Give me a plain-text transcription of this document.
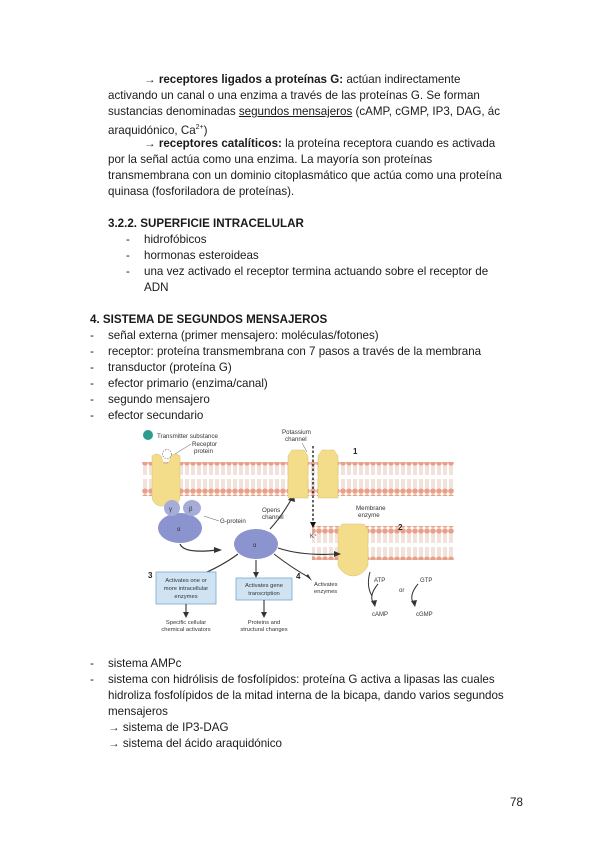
→ receptores ligados a proteínas G: actúan indirectamente
activando un canal o una enzima a través de las proteínas G. Se forman
sustancias denominadas segundos mensajeros (cAMP, cGMP, IP3, DAG, ác
araquidónico, $Ca^{2+}$)
→ receptores catalíticos: la proteína receptora cuando es activada
por la señal actúa como una enzima. La mayoría son proteínas
transmembrana con un dominio citoplasmático que actúa como una proteína
quinasa (fosforiladora de proteínas).
3.2.2. SUPERFICIE INTRACELULAR
- hidrofóbicos
- hormonas esteroideas
- una vez activado el receptor termina actuando sobre el receptor de
ADN
4. SISTEMA DE SEGUNDOS MENSAJEROS
- señal externa (primer mensajero: moléculas/fotones)
- receptor: proteína transmembrana con 7 pasos a través de la membrana
- transductor (proteína G)
- efector primario (enzima/canal)
- segundo mensajero
- efector secundario
Transmitter substance
Receptor
protein
γ	β
α
G-protein
α
Opens
channel
K⁺
Potassium
channel
1
Membrane
enzyme
2
3
Activates one or
more intracellular
enzymes
Activates gene
transcription
4
Activates
enzymes
Specific cellular
chemical activators
Proteins and
structural changes
ATP	GTP
or
cAMP	cGMP
- sistema AMPc
- sistema con hidrólisis de fosfolípidos: proteína G activa a lipasas las cuales
hidroliza fosfolípidos de la mitad interna de la bicapa, dando varios segundos
mensajeros
→ sistema de IP3-DAG
→ sistema del ácido araquidónico
78
